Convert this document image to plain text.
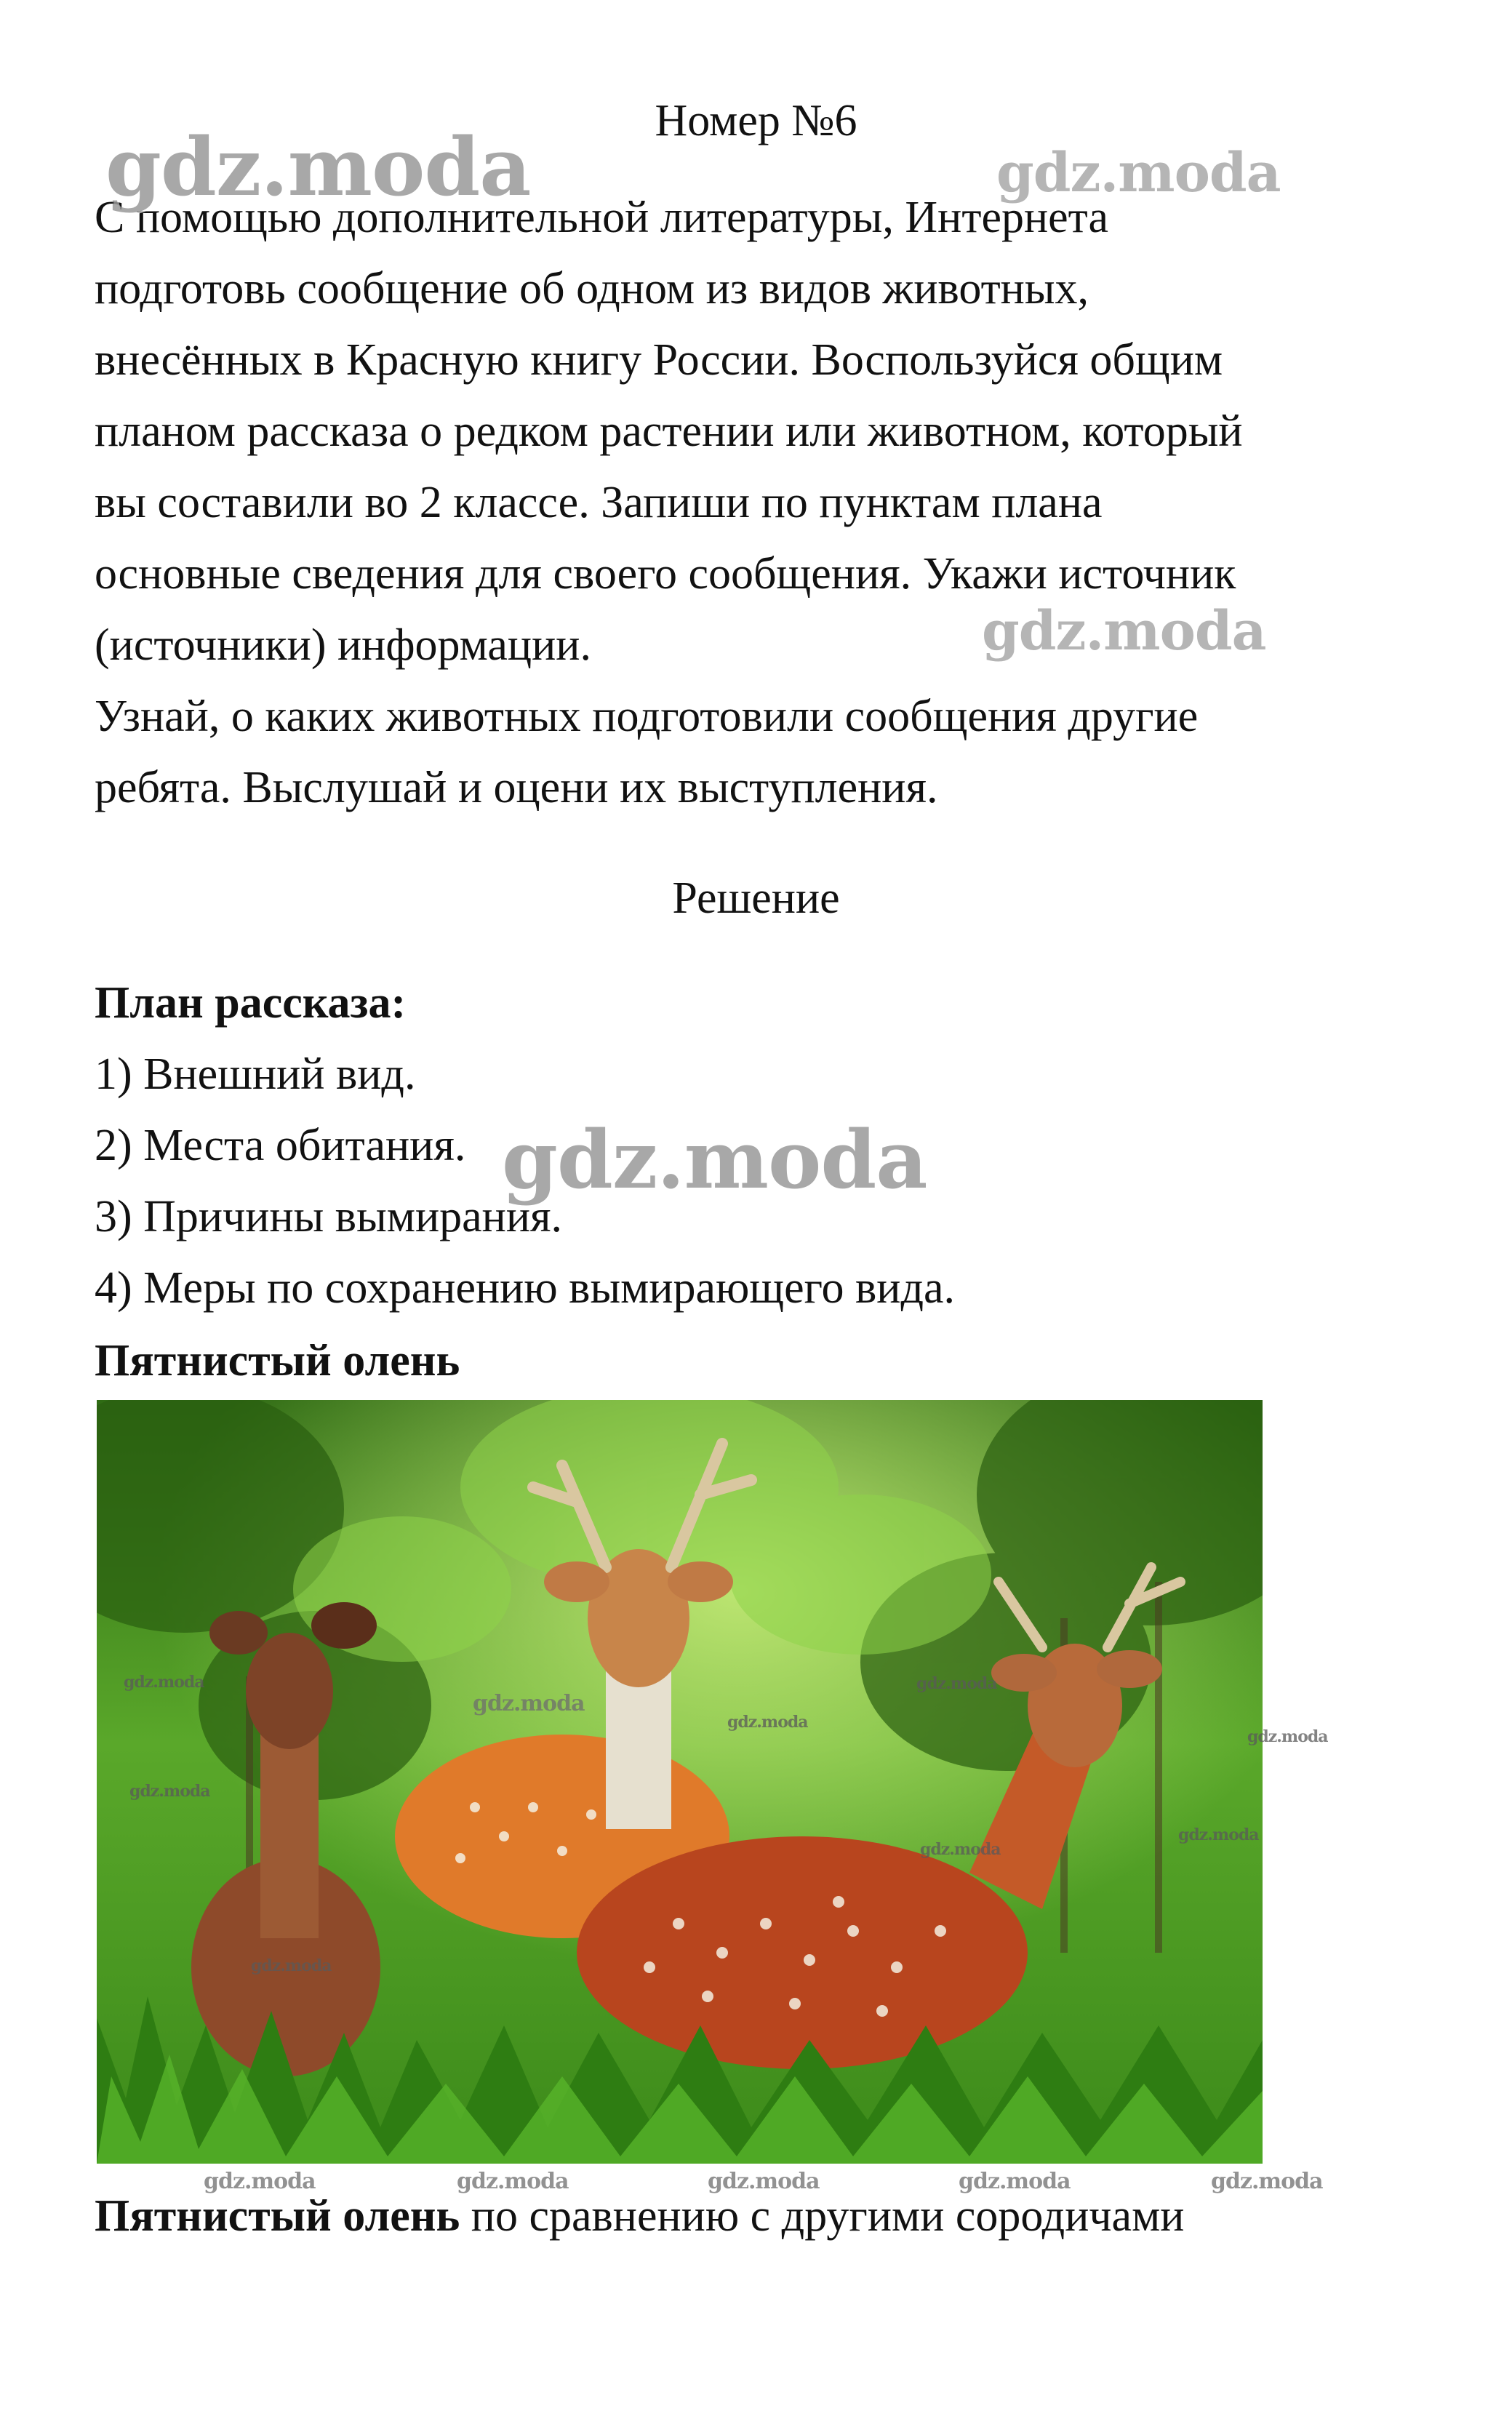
Номер №6

С помощью дополнительной литературы, Интернета

подготовь сообщение об одном из видов животных,

внесённых в Красную книгу России. Воспользуйся общим

планом рассказа о редком растении или животном, который

вы составили во 2 классе. Запиши по пунктам плана

основные сведения для своего сообщения. Укажи источник

(источники) информации.

Узнай, о каких животных подготовили сообщения другие

ребята. Выслушай и оцени их выступления.

Решение

План рассказа:

1) Внешний вид.

2) Места обитания.

3) Причины вымирания.

4) Меры по сохранению вымирающего вида.

Пятнистый олень
Пятнистый олень по сравнению с другими сородичами
gdz.moda	gdz.moda
gdz.moda
gdz.moda
gdz.moda
gdz.moda
gdz.moda
gdz.moda
gdz.moda
gdz.moda
gdz.moda
gdz.moda
gdz.moda
gdz.moda	gdz.moda	gdz.moda	gdz.moda	gdz.moda
